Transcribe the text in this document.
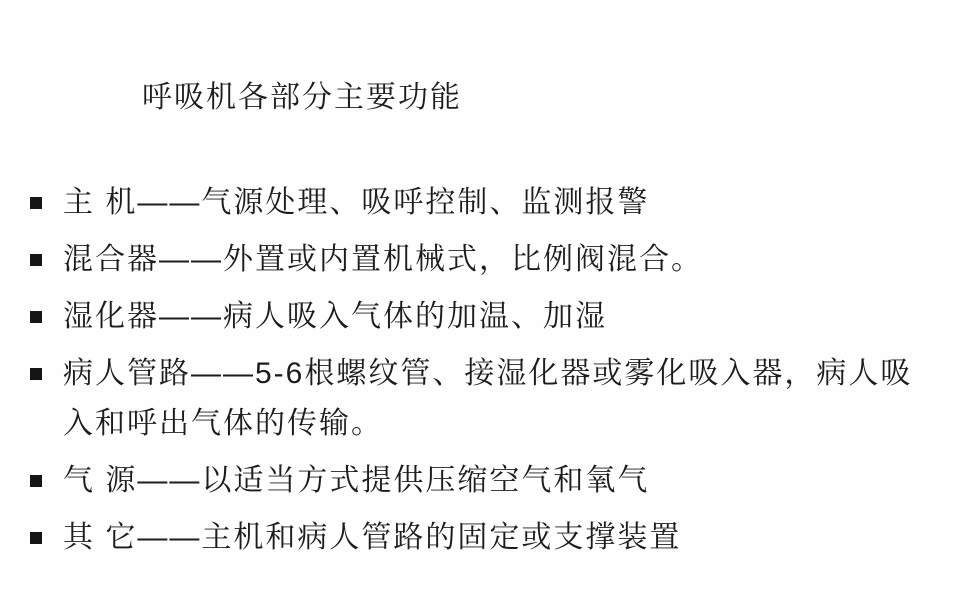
呼吸机各部分主要功能
主 机——气源处理、吸呼控制、监测报警
混合器——外置或内置机械式，比例阀混合。
湿化器——病人吸入气体的加温、加湿
病人管路——5-6根螺纹管、接湿化器或雾化吸入器，病人吸入和呼出气体的传输。
气 源——以适当方式提供压缩空气和氧气
其 它——主机和病人管路的固定或支撑装置
